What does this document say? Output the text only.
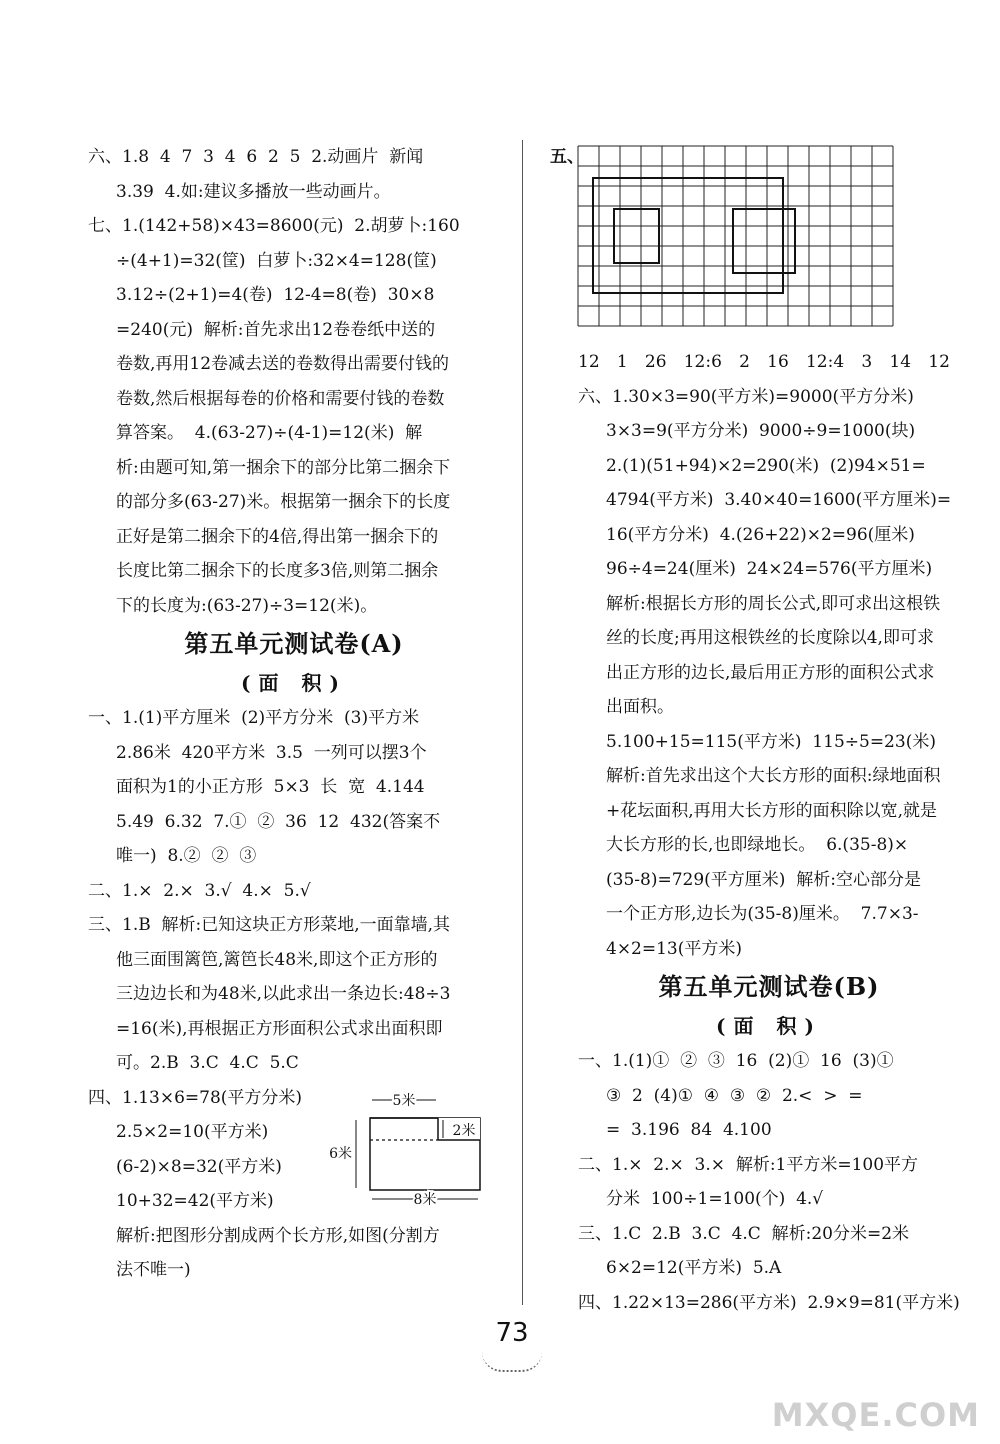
六、1.8  4  7  3  4  6  2  5  2.动画片  新闻
3.39  4.如:建议多播放一些动画片。
七、1.(142+58)×43=8600(元)  2.胡萝卜:160
÷(4+1)=32(筐)  白萝卜:32×4=128(筐)
3.12÷(2+1)=4(卷)  12-4=8(卷)  30×8
=240(元)  解析:首先求出12卷卷纸中送的
卷数,再用12卷减去送的卷数得出需要付钱的
卷数,然后根据每卷的价格和需要付钱的卷数
算答案。  4.(63-27)÷(4-1)=12(米)  解
析:由题可知,第一捆余下的部分比第二捆余下
的部分多(63-27)米。根据第一捆余下的长度
正好是第二捆余下的4倍,得出第一捆余下的
长度比第二捆余下的长度多3倍,则第二捆余
下的长度为:(63-27)÷3=12(米)。
第五单元测试卷(A)
(面 积)
一、1.(1)平方厘米  (2)平方分米  (3)平方米
2.86米  420平方米  3.5  一列可以摆3个
面积为1的小正方形  5×3  长  宽  4.144
5.49  6.32  7.①  ②  36  12  432(答案不
唯一)  8.②  ②  ③
二、1.×  2.×  3.√  4.×  5.√
三、1.B  解析:已知这块正方形菜地,一面靠墙,其
他三面围篱笆,篱笆长48米,即这个正方形的
三边边长和为48米,以此求出一条边长:48÷3
=16(米),再根据正方形面积公式求出面积即
可。2.B  3.C  4.C  5.C
四、1.13×6=78(平方分米)
2.5×2=10(平方米)
(6-2)×8=32(平方米)
10+32=42(平方米)
解析:把图形分割成两个长方形,如图(分割方
法不唯一)
5米
2米
6米
8米
五、
12 1 26 12:6 2 16 12:4 3 14 12
六、1.30×3=90(平方米)=9000(平方分米)
3×3=9(平方分米)  9000÷9=1000(块)
2.(1)(51+94)×2=290(米)  (2)94×51=
4794(平方米)  3.40×40=1600(平方厘米)=
16(平方分米)  4.(26+22)×2=96(厘米)
96÷4=24(厘米)  24×24=576(平方厘米)
解析:根据长方形的周长公式,即可求出这根铁
丝的长度;再用这根铁丝的长度除以4,即可求
出正方形的边长,最后用正方形的面积公式求
出面积。
5.100+15=115(平方米)  115÷5=23(米)
解析:首先求出这个大长方形的面积:绿地面积
+花坛面积,再用大长方形的面积除以宽,就是
大长方形的长,也即绿地长。  6.(35-8)×
(35-8)=729(平方厘米)  解析:空心部分是
一个正方形,边长为(35-8)厘米。  7.7×3-
4×2=13(平方米)
第五单元测试卷(B)
(面 积)
一、1.(1)①  ②  ③  16  (2)①  16  (3)①
③  2  (4)①  ④  ③  ②  2.<  >  =
=  3.196  84  4.100
二、1.×  2.×  3.×  解析:1平方米=100平方
分米  100÷1=100(个)  4.√
三、1.C  2.B  3.C  4.C  解析:20分米=2米
6×2=12(平方米)  5.A
四、1.22×13=286(平方米)  2.9×9=81(平方米)
73
MXQE.COM
